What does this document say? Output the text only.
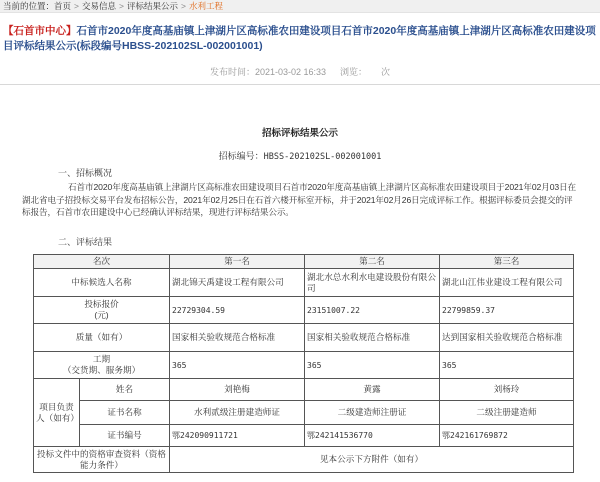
当前的位置：首页 > 交易信息 > 评标结果公示 > 水利工程
【石首市中心】石首市2020年度高基庙镇上津湖片区高标准农田建设项目石首市2020年度高基庙镇上津湖片区高标准农田建设项目评标结果公示(标段编号HBSS-202102SL-002001001)
发布时间：2021-03-02 16:33 浏览： 次
招标评标结果公示
招标编号：HBSS-202102SL-002001001
一、招标概况
石首市2020年度高基庙镇上津湖片区高标准农田建设项目石首市2020年度高基庙镇上津湖片区高标准农田建设项目于2021年02月03日在湖北省电子招投标交易平台发布招标公告，2021年02月25日在石首六楼开标室开标，并于2021年02月26日完成评标工作。根据评标委员会提交的评标报告，石首市农田建设中心已经确认评标结果，现进行评标结果公示。
二、评标结果
名次		第一名	第二名	第三名
中标候选人名称		湖北锦天禹建设工程有限公司	湖北水总水利水电建设股份有限公司	湖北山江伟业建设工程有限公司
投标报价
(元)		22729304.59	23151007.22	22799859.37
质量（如有）		国家相关验收规范合格标准	国家相关验收规范合格标准	达到国家相关验收规范合格标准
工期
（交货期、服务期）		365	365	365
项目负责人（如有）	姓名	刘艳梅	黄露	刘杨玲
	证书名称	水利贰级注册建造师证	二级建造师注册证	二级注册建造师
	证书编号	鄂242090911721	鄂242141536770	鄂242161769872
投标文件中的资格审查资料（资格能力条件）		见本公示下方附件（如有）		
